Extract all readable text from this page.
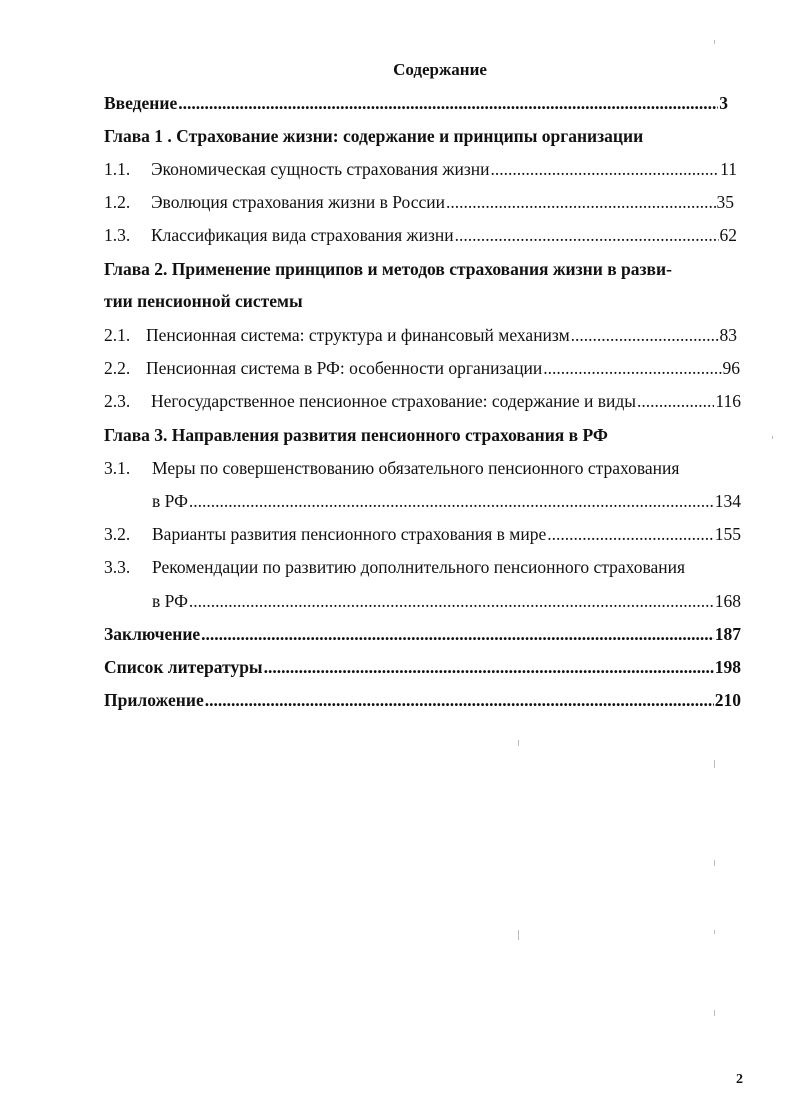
Содержание
Введение .....	3
Глава 1 . Страхование жизни: содержание и принципы организации
1.1.	Экономическая сущность страхования жизни .....	11
1.2.	Эволюция страхования жизни в России .....	35
1.3.	Классификация вида страхования жизни .....	62
Глава 2. Применение принципов и методов страхования жизни в разви-
тии пенсионной системы
2.1. Пенсионная система: структура и финансовый механизм .....	83
2.2. Пенсионная система в РФ: особенности организации .....	96
2.3.	Негосударственное пенсионное страхование: содержание и виды .....	116
Глава 3. Направления развития пенсионного страхования в РФ
3.1. Меры по совершенствованию обязательного пенсионного страхования
в РФ .....	134
3.2.	Варианты развития пенсионного страхования в мире .....	155
3.3. Рекомендации по развитию дополнительного пенсионного страхования
в РФ .....	168
Заключение .....	187
Список литературы .....	198
Приложение .....	210
2
